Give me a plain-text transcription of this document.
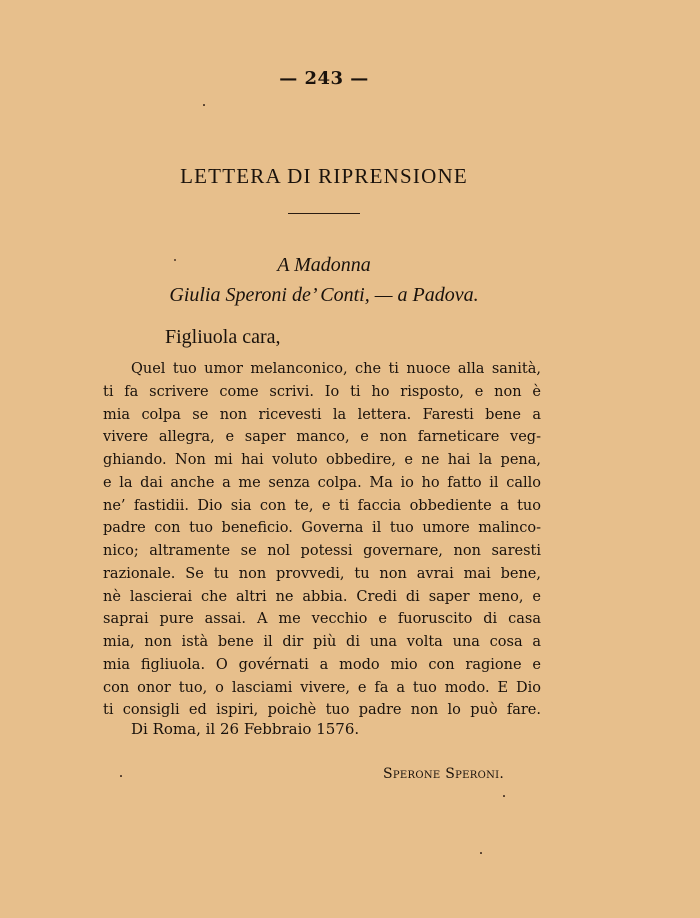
— 243 —
LETTERA DI RIPRENSIONE
A Madonna
Giulia Speroni de’ Conti, — a Padova.
Figliuola cara,
Quel tuo umor melanconico, che ti nuoce alla sanità,
ti fa scrivere come scrivi. Io ti ho risposto, e non è
mia colpa se non ricevesti la lettera. Faresti bene a
vivere allegra, e saper manco, e non farneticare veg-
ghiando. Non mi hai voluto obbedire, e ne hai la pena,
e la dai anche a me senza colpa. Ma io ho fatto il callo
ne’ fastidii. Dio sia con te, e ti faccia obbediente a tuo
padre con tuo beneficio. Governa il tuo umore malinco-
nico; altramente se nol potessi governare, non saresti
razionale. Se tu non provvedi, tu non avrai mai bene,
nè lascierai che altri ne abbia. Credi di saper meno, e
saprai pure assai. A me vecchio e fuoruscito di casa
mia, non istà bene il dir più di una volta una cosa a
mia figliuola. O govérnati a modo mio con ragione e
con onor tuo, o lasciami vivere, e fa a tuo modo. E Dio
ti consigli ed ispiri, poichè tuo padre non lo può fare.
Di Roma, il 26 Febbraio 1576.
Sperone Speroni.
